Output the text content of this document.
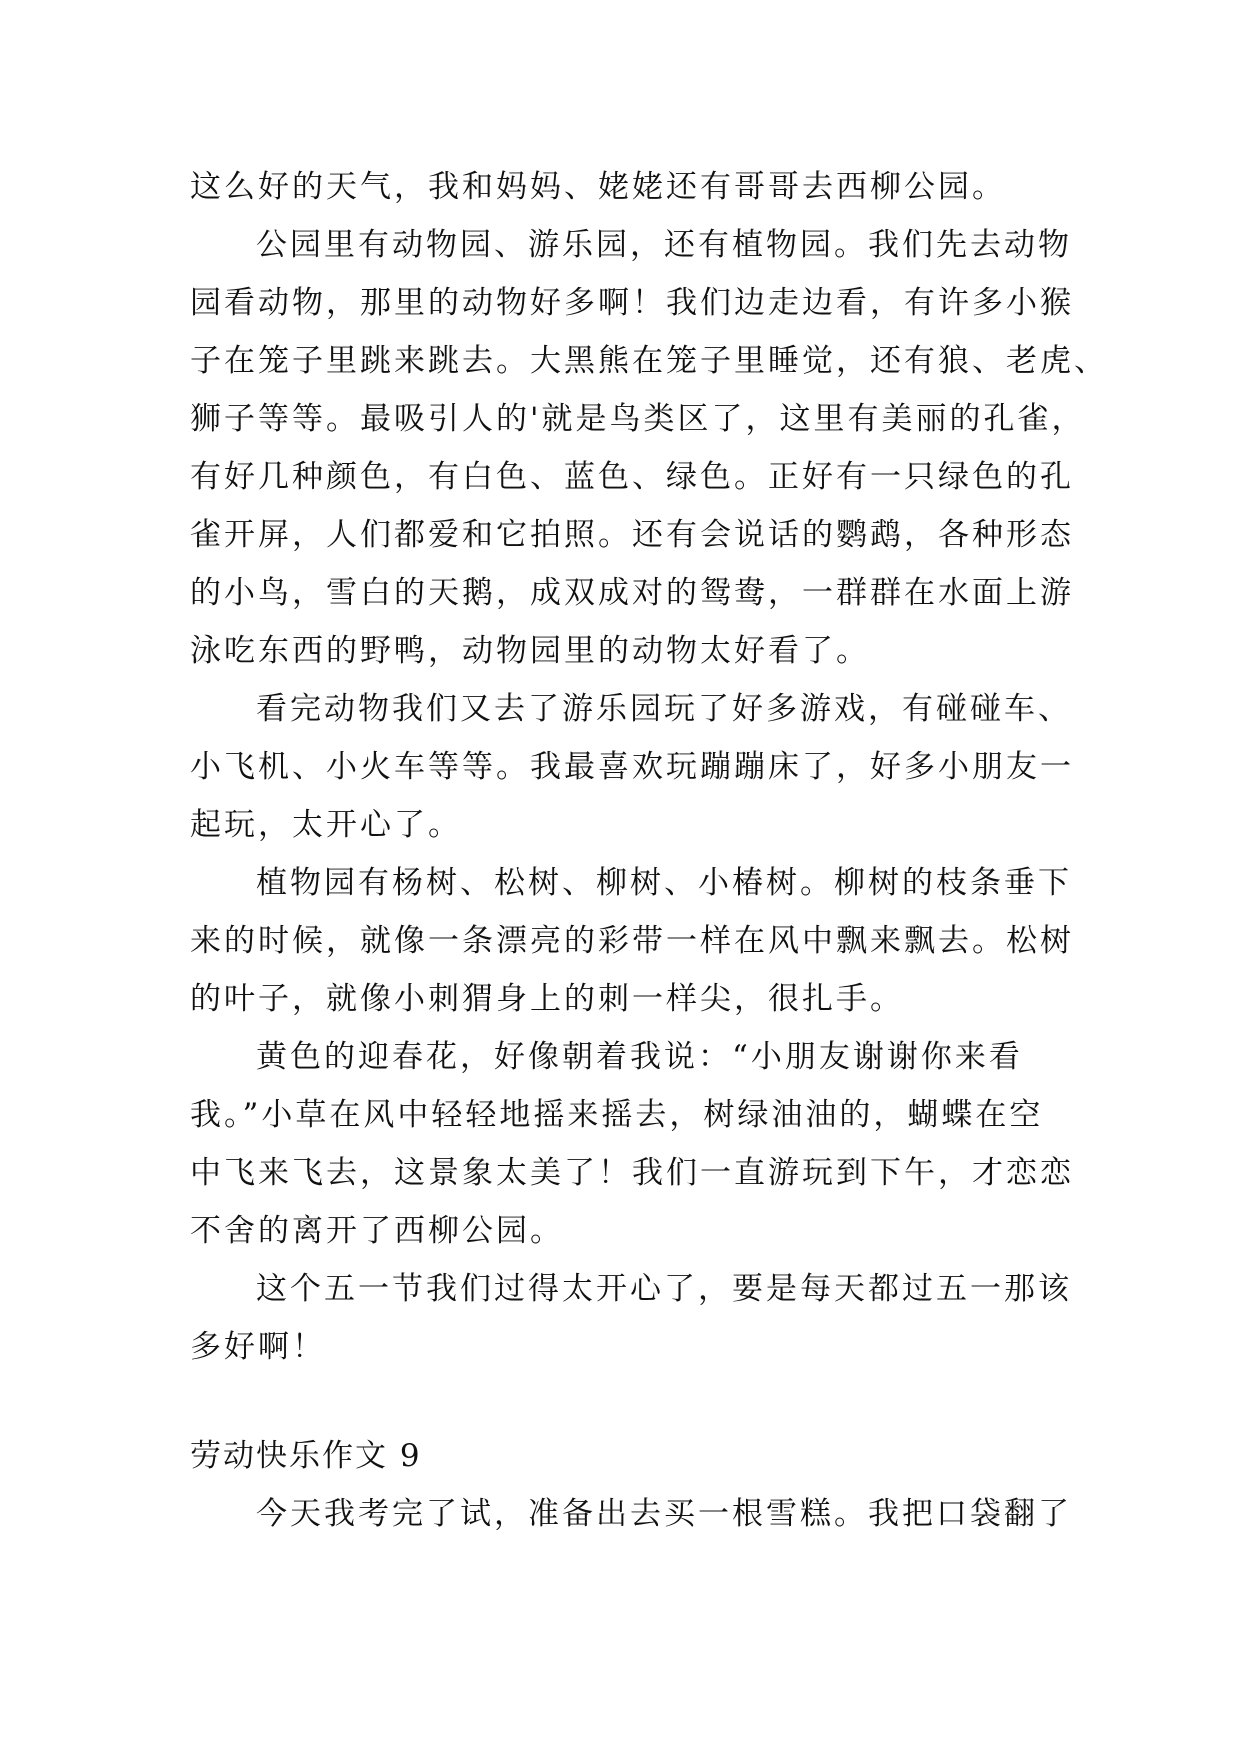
这么好的天气，我和妈妈、姥姥还有哥哥去西柳公园。
公园里有动物园、游乐园，还有植物园。我们先去动物
园看动物，那里的动物好多啊！我们边走边看，有许多小猴
子在笼子里跳来跳去。大黑熊在笼子里睡觉，还有狼、老虎、
狮子等等。最吸引人的'就是鸟类区了，这里有美丽的孔雀，
有好几种颜色，有白色、蓝色、绿色。正好有一只绿色的孔
雀开屏，人们都爱和它拍照。还有会说话的鹦鹉，各种形态
的小鸟，雪白的天鹅，成双成对的鸳鸯，一群群在水面上游
泳吃东西的野鸭，动物园里的动物太好看了。
看完动物我们又去了游乐园玩了好多游戏，有碰碰车、
小飞机、小火车等等。我最喜欢玩蹦蹦床了，好多小朋友一
起玩，太开心了。
植物园有杨树、松树、柳树、小椿树。柳树的枝条垂下
来的时候，就像一条漂亮的彩带一样在风中飘来飘去。松树
的叶子，就像小刺猬身上的刺一样尖，很扎手。
黄色的迎春花，好像朝着我说：“小朋友谢谢你来看
我。”小草在风中轻轻地摇来摇去，树绿油油的，蝴蝶在空
中飞来飞去，这景象太美了！我们一直游玩到下午，才恋恋
不舍的离开了西柳公园。
这个五一节我们过得太开心了，要是每天都过五一那该
多好啊！
劳动快乐作文 9
今天我考完了试，准备出去买一根雪糕。我把口袋翻了
